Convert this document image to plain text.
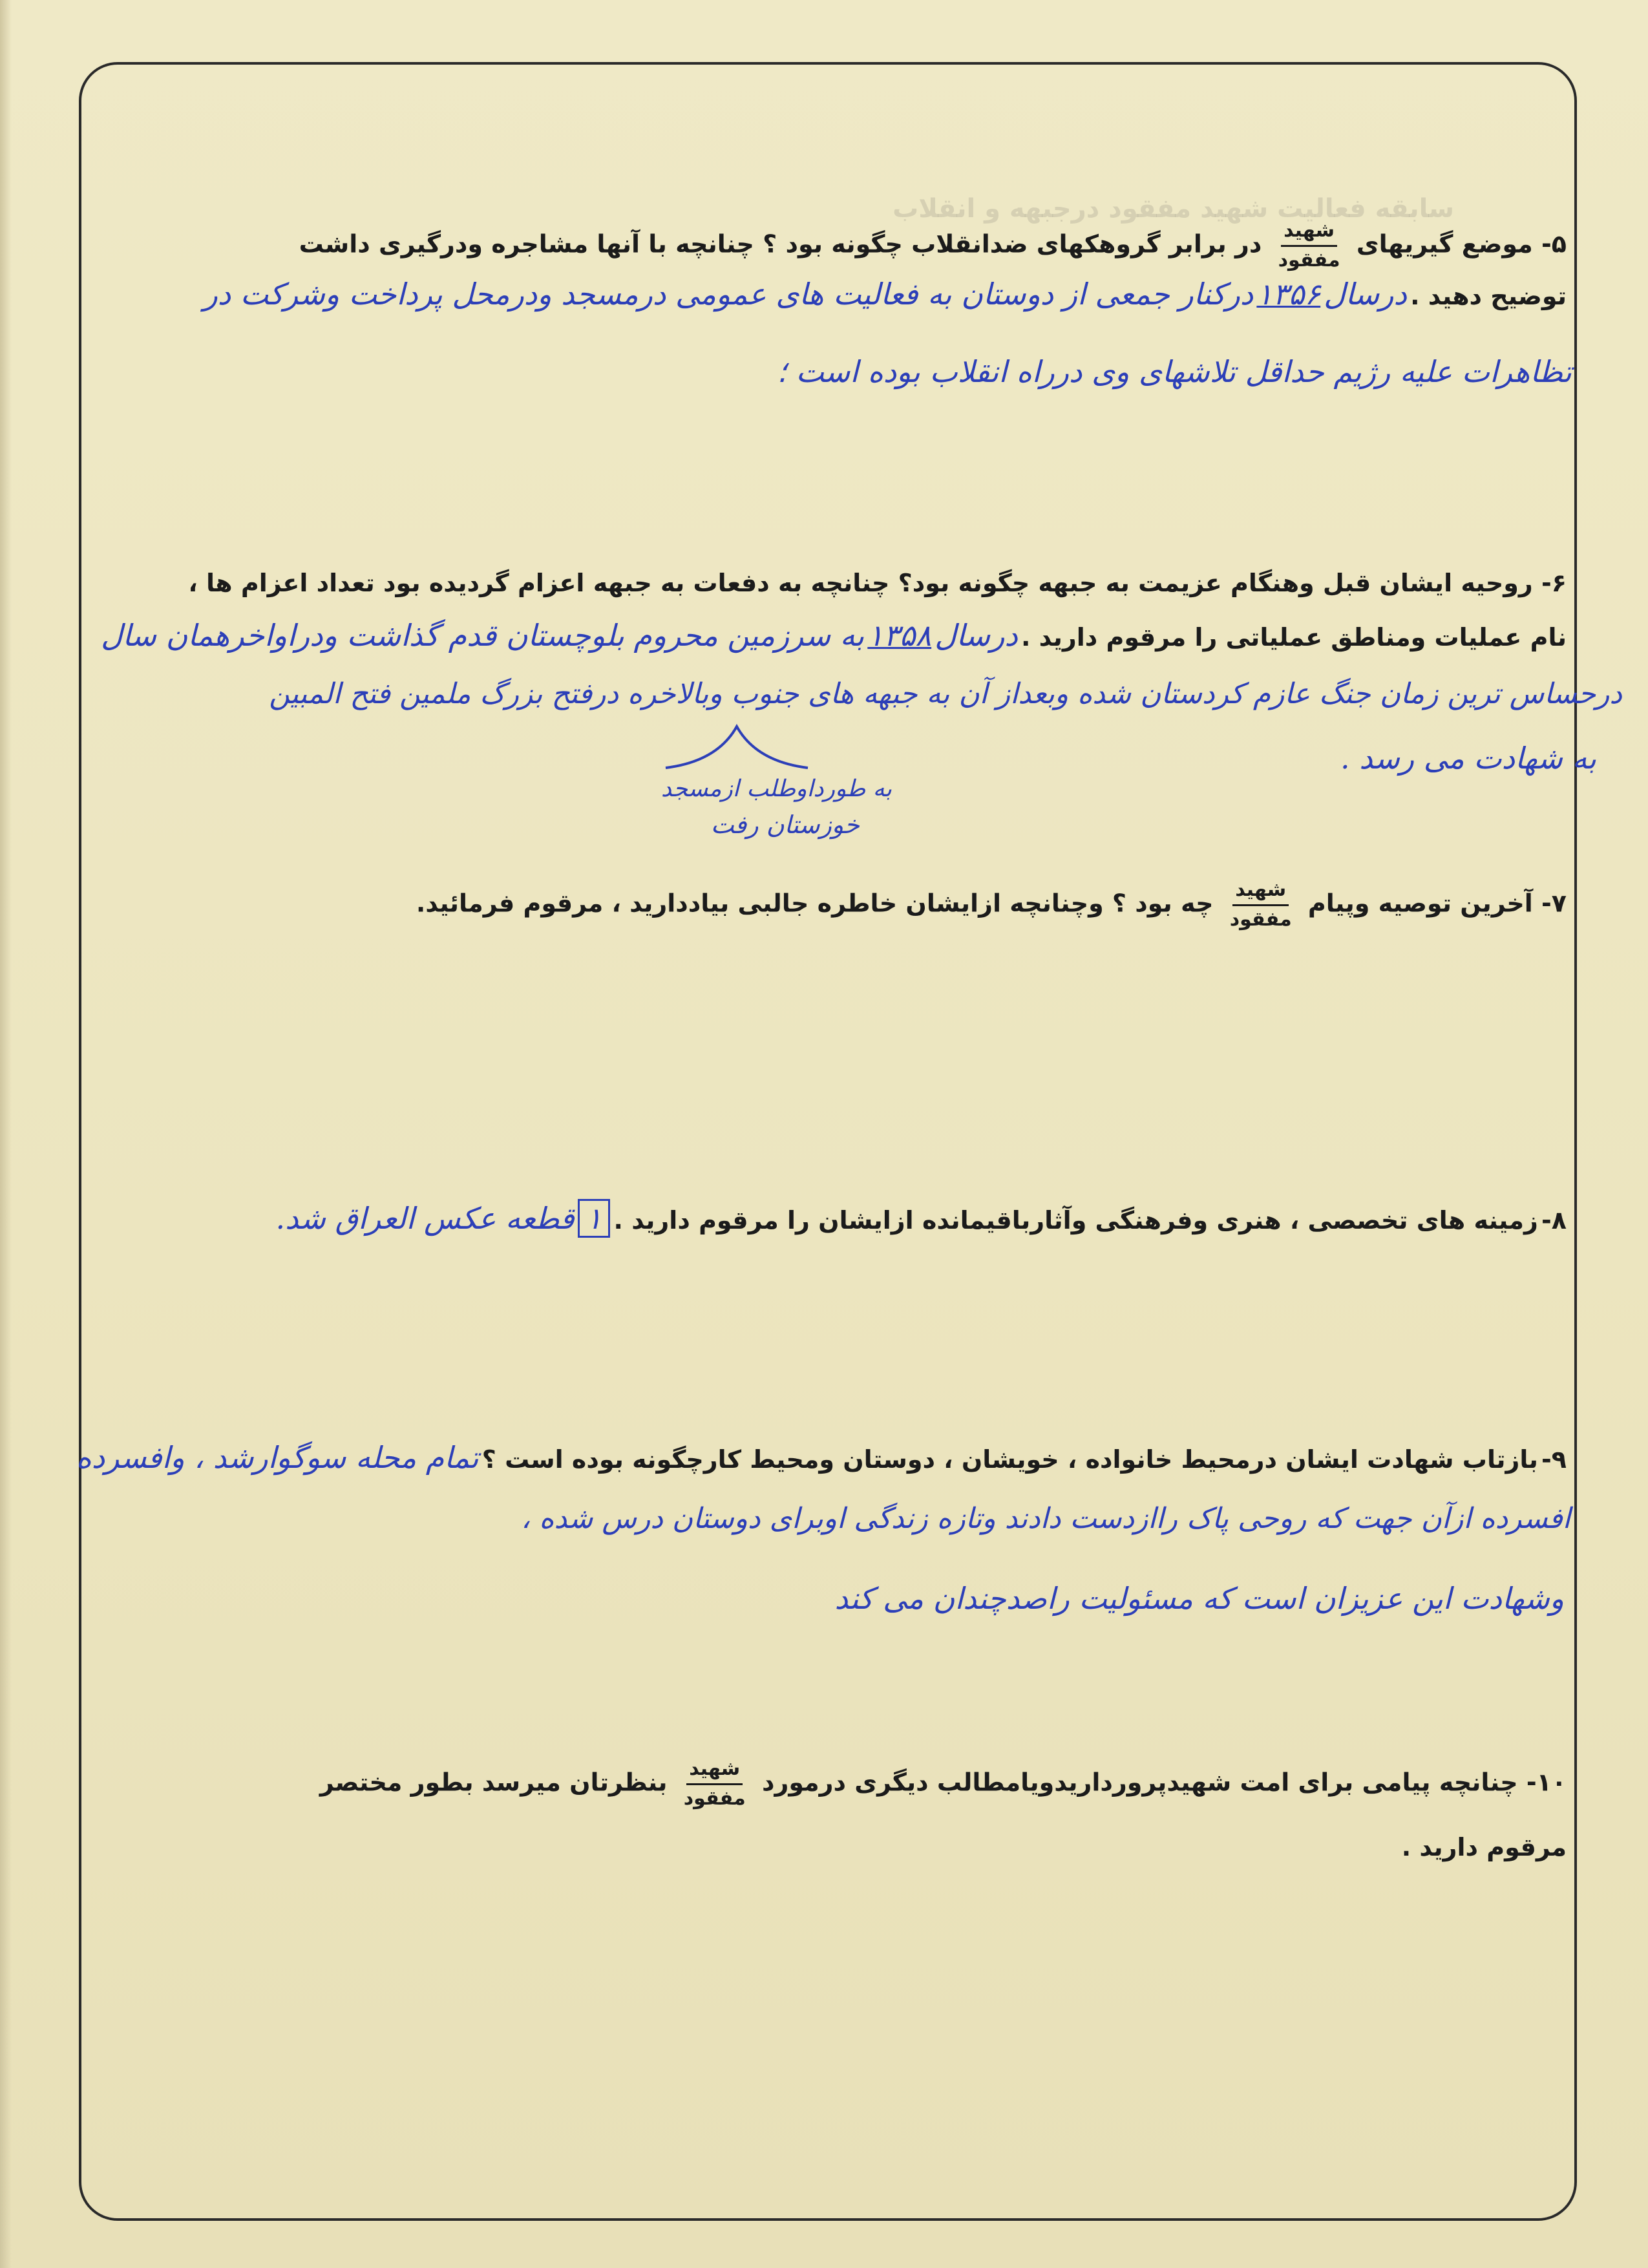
سابقه فعالیت شهید مفقود درجبهه و انقلاب
۵- موضع گیریهای
$\frac{\text{شهید}}{\text{مفقود}}$
در برابر گروهکهای ضدانقلاب چگونه بود ؟ چنانچه با آنها مشاجره ودرگیری داشت
توضیح دهید . درسال ۱۳۵۶ درکنار جمعی از دوستان به فعالیت های عمومی درمسجد ودرمحل پرداخت وشرکت در
تظاهرات علیه رژیم حداقل تلاشهای وی درراه انقلاب بوده است ؛
۶- روحیه ایشان قبل وهنگام عزیمت به جبهه چگونه بود؟ چنانچه به دفعات به جبهه اعزام گردیده بود تعداد اعزام ها ،
نام عملیات ومناطق عملیاتی را مرقوم دارید . درسال ۱۳۵۸ به سرزمین محروم بلوچستان قدم گذاشت ودراواخرهمان سال
درحساس ترین زمان جنگ عازم کردستان شده وبعداز آن به جبهه های جنوب وبالاخره درفتح بزرگ ملمین فتح المبین
به شهادت می رسد .
به طورداوطلب ازمسجد
خوزستان رفت
۷- آخرین توصیه وپیام
$\frac{\text{شهید}}{\text{مفقود}}$
چه بود ؟ وچنانچه ازایشان خاطره جالبی بیاددارید ، مرقوم فرمائید.
۸- زمینه های تخصصی ، هنری وفرهنگی وآثارباقیمانده ازایشان را مرقوم دارید . ۱ قطعه عکس العراق شد.
۹- بازتاب شهادت ایشان درمحیط خانواده ، خویشان ، دوستان ومحیط کارچگونه بوده است ؟ تمام محله سوگوارشد ، وافسرده
افسرده ازآن جهت که روحی پاک راازدست دادند وتازه زندگی اوبرای دوستان درس شده ،
وشهادت این عزیزان است که مسئولیت راصدچندان می کند
۱۰- چنانچه پیامی برای امت شهیدپرورداریدویامطالب دیگری درمورد
$\frac{\text{شهید}}{\text{مفقود}}$
بنظرتان میرسد بطور مختصر
مرقوم دارید .
